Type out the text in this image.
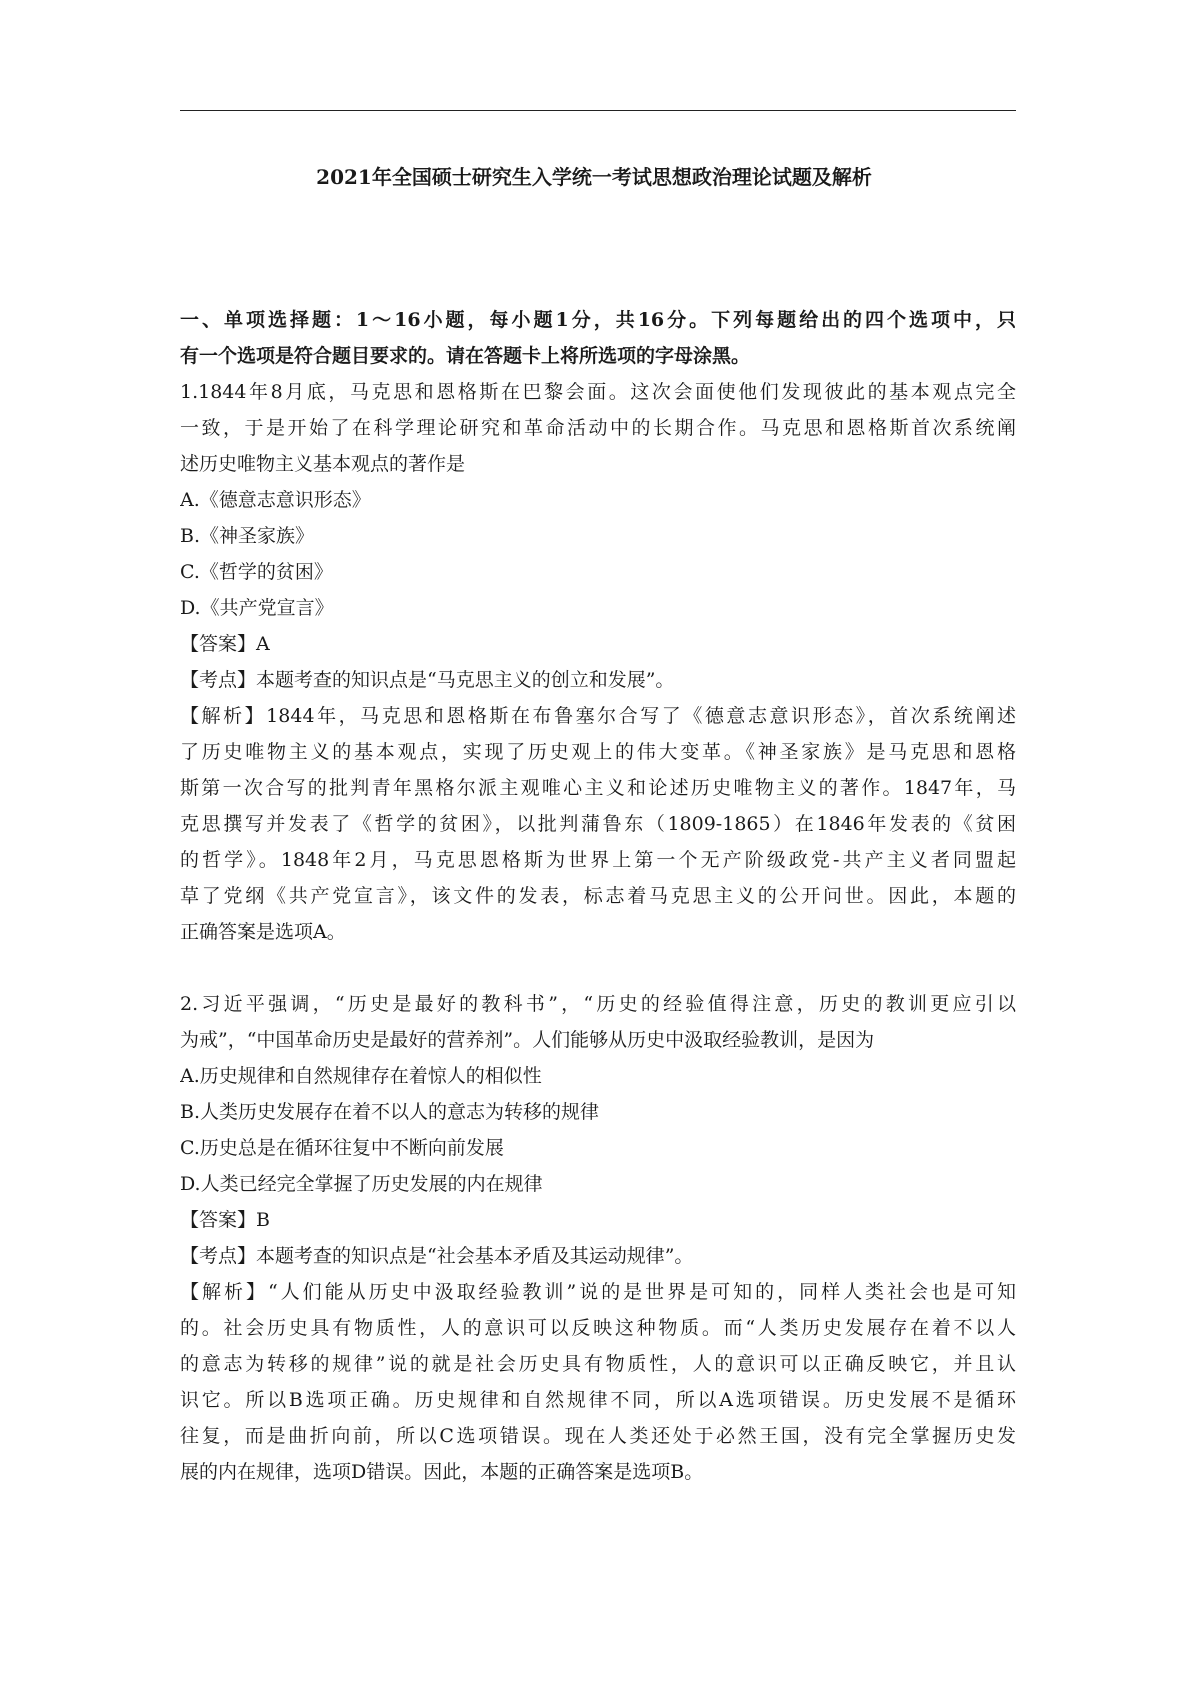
2021年全国硕士研究生入学统一考试思想政治理论试题及解析
一、单项选择题：1～16小题，每小题1分，共16分。下列每题给出的四个选项中，只
有一个选项是符合题目要求的。请在答题卡上将所选项的字母涂黑。
1.1844年8月底，马克思和恩格斯在巴黎会面。这次会面使他们发现彼此的基本观点完全
一致，于是开始了在科学理论研究和革命活动中的长期合作。马克思和恩格斯首次系统阐
述历史唯物主义基本观点的著作是
A.《德意志意识形态》
B.《神圣家族》
C.《哲学的贫困》
D.《共产党宣言》
【答案】A
【考点】本题考查的知识点是“马克思主义的创立和发展”。
【解析】1844年，马克思和恩格斯在布鲁塞尔合写了《德意志意识形态》，首次系统阐述
了历史唯物主义的基本观点，实现了历史观上的伟大变革。《神圣家族》是马克思和恩格
斯第一次合写的批判青年黑格尔派主观唯心主义和论述历史唯物主义的著作。1847年，马
克思撰写并发表了《哲学的贫困》，以批判蒲鲁东（1809-1865）在1846年发表的《贫困
的哲学》。1848年2月，马克思恩格斯为世界上第一个无产阶级政党-共产主义者同盟起
草了党纲《共产党宣言》，该文件的发表，标志着马克思主义的公开问世。因此，本题的
正确答案是选项A。
2.习近平强调，“历史是最好的教科书”，“历史的经验值得注意，历史的教训更应引以
为戒”，“中国革命历史是最好的营养剂”。人们能够从历史中汲取经验教训，是因为
A.历史规律和自然规律存在着惊人的相似性
B.人类历史发展存在着不以人的意志为转移的规律
C.历史总是在循环往复中不断向前发展
D.人类已经完全掌握了历史发展的内在规律
【答案】B
【考点】本题考查的知识点是“社会基本矛盾及其运动规律”。
【解析】“人们能从历史中汲取经验教训”说的是世界是可知的，同样人类社会也是可知
的。社会历史具有物质性，人的意识可以反映这种物质。而“人类历史发展存在着不以人
的意志为转移的规律”说的就是社会历史具有物质性，人的意识可以正确反映它，并且认
识它。所以B选项正确。历史规律和自然规律不同，所以A选项错误。历史发展不是循环
往复，而是曲折向前，所以C选项错误。现在人类还处于必然王国，没有完全掌握历史发
展的内在规律，选项D错误。因此，本题的正确答案是选项B。
